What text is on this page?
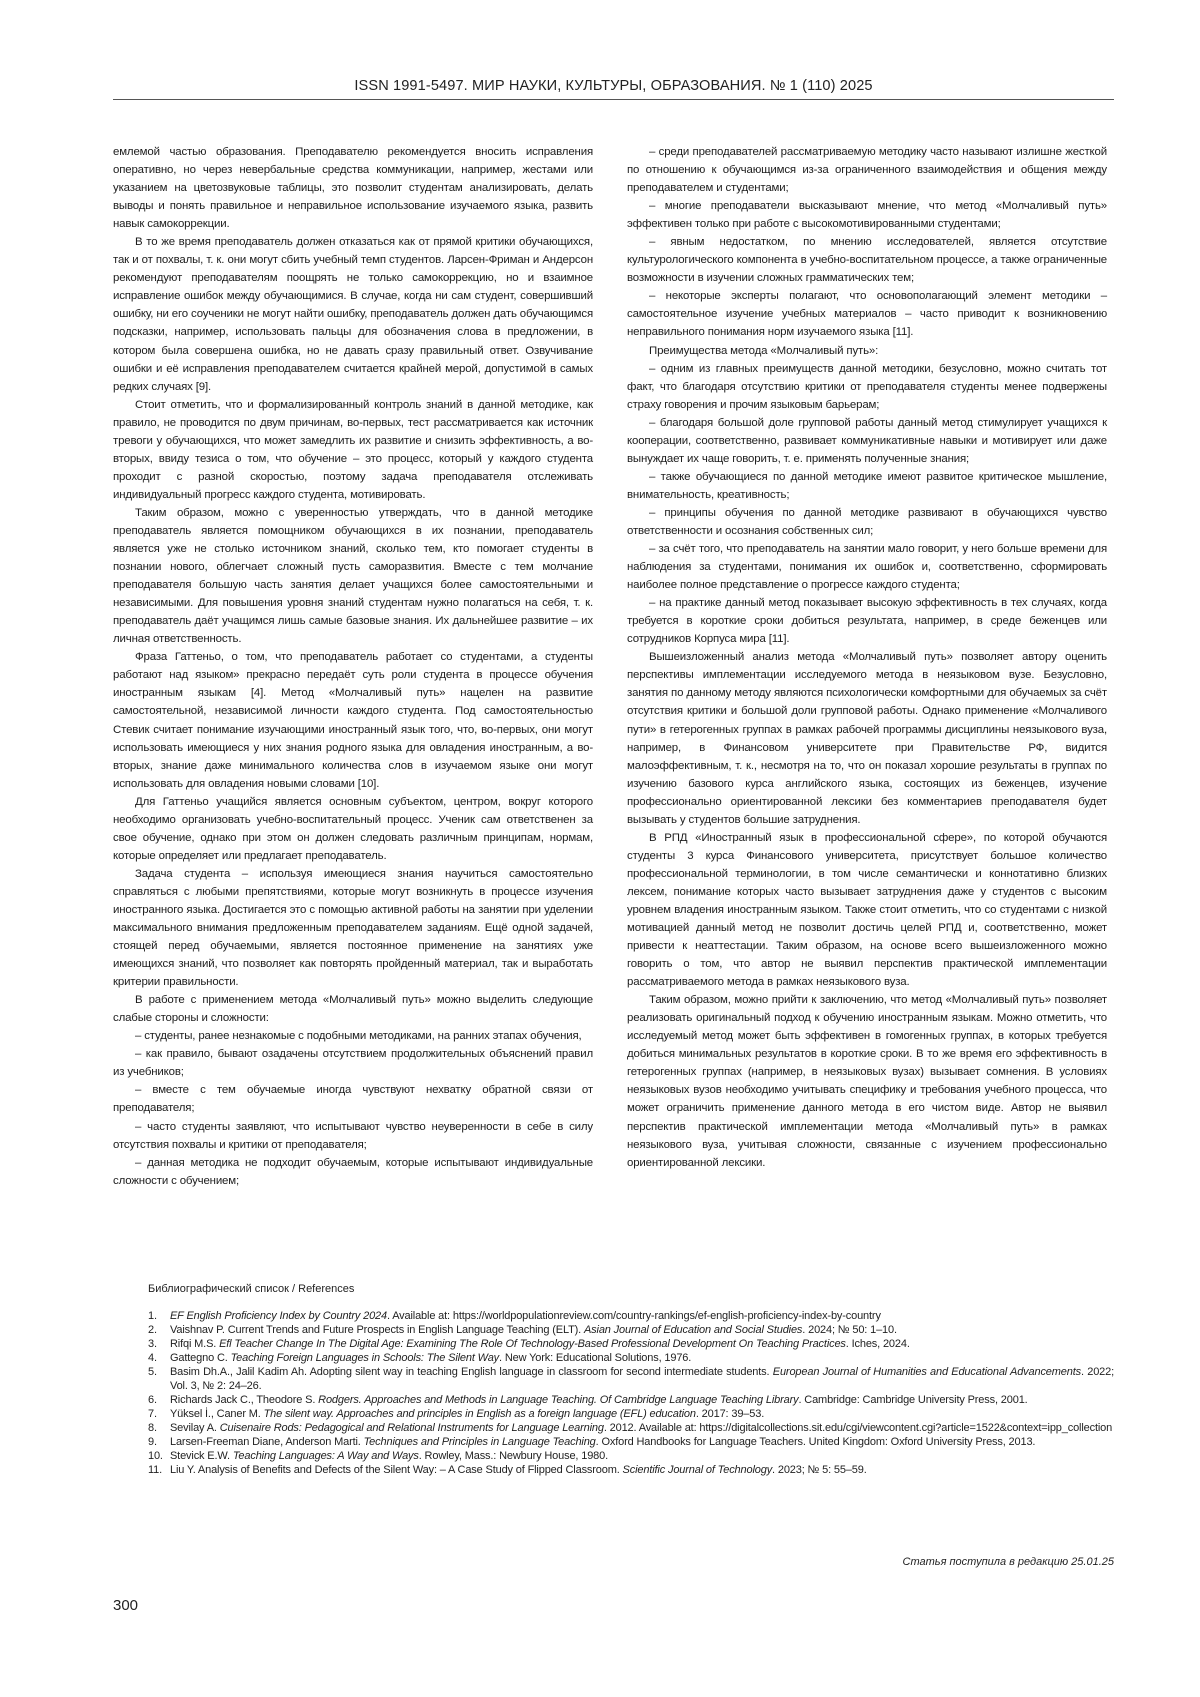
ISSN 1991-5497. МИР НАУКИ, КУЛЬТУРЫ, ОБРАЗОВАНИЯ. № 1 (110) 2025

емлемой частью образования. Преподавателю рекомендуется вносить исправления оперативно, но через невербальные средства коммуникации, например, жестами или указанием на цветозвуковые таблицы, это позволит студентам анализировать, делать выводы и понять правильное и неправильное использование изучаемого языка, развить навык самокоррекции.

В то же время преподаватель должен отказаться как от прямой критики обучающихся, так и от похвалы, т. к. они могут сбить учебный темп студентов. Ларсен-Фриман и Андерсон рекомендуют преподавателям поощрять не только самокоррекцию, но и взаимное исправление ошибок между обучающимися. В случае, когда ни сам студент, совершивший ошибку, ни его соученики не могут найти ошибку, преподаватель должен дать обучающимся подсказки, например, использовать пальцы для обозначения слова в предложении, в котором была совершена ошибка, но не давать сразу правильный ответ. Озвучивание ошибки и её исправления преподавателем считается крайней мерой, допустимой в самых редких случаях [9].

Стоит отметить, что и формализированный контроль знаний в данной методике, как правило, не проводится по двум причинам, во-первых, тест рассматривается как источник тревоги у обучающихся, что может замедлить их развитие и снизить эффективность, а во-вторых, ввиду тезиса о том, что обучение – это процесс, который у каждого студента проходит с разной скоростью, поэтому задача преподавателя отслеживать индивидуальный прогресс каждого студента, мотивировать.

Таким образом, можно с уверенностью утверждать, что в данной методике преподаватель является помощником обучающихся в их познании, преподаватель является уже не столько источником знаний, сколько тем, кто помогает студенты в познании нового, облегчает сложный пусть саморазвития. Вместе с тем молчание преподавателя большую часть занятия делает учащихся более самостоятельными и независимыми. Для повышения уровня знаний студентам нужно полагаться на себя, т. к. преподаватель даёт учащимся лишь самые базовые знания. Их дальнейшее развитие – их личная ответственность.

Фраза Гаттеньо, о том, что преподаватель работает со студентами, а студенты работают над языком» прекрасно передаёт суть роли студента в процессе обучения иностранным языкам [4]. Метод «Молчаливый путь» нацелен на развитие самостоятельной, независимой личности каждого студента. Под самостоятельностью Стевик считает понимание изучающими иностранный язык того, что, во-первых, они могут использовать имеющиеся у них знания родного языка для овладения иностранным, а во-вторых, знание даже минимального количества слов в изучаемом языке они могут использовать для овладения новыми словами [10].

Для Гаттеньо учащийся является основным субъектом, центром, вокруг которого необходимо организовать учебно-воспитательный процесс. Ученик сам ответственен за свое обучение, однако при этом он должен следовать различным принципам, нормам, которые определяет или предлагает преподаватель.

Задача студента – используя имеющиеся знания научиться самостоятельно справляться с любыми препятствиями, которые могут возникнуть в процессе изучения иностранного языка. Достигается это с помощью активной работы на занятии при уделении максимального внимания предложенным преподавателем заданиям. Ещё одной задачей, стоящей перед обучаемыми, является постоянное применение на занятиях уже имеющихся знаний, что позволяет как повторять пройденный материал, так и выработать критерии правильности.

В работе с применением метода «Молчаливый путь» можно выделить следующие слабые стороны и сложности:

– студенты, ранее незнакомые с подобными методиками, на ранних этапах обучения,

– как правило, бывают озадачены отсутствием продолжительных объяснений правил из учебников;

– вместе с тем обучаемые иногда чувствуют нехватку обратной связи от преподавателя;

– часто студенты заявляют, что испытывают чувство неуверенности в себе в силу отсутствия похвалы и критики от преподавателя;

– данная методика не подходит обучаемым, которые испытывают индивидуальные сложности с обучением;

– среди преподавателей рассматриваемую методику часто называют излишне жесткой по отношению к обучающимся из-за ограниченного взаимодействия и общения между преподавателем и студентами;

– многие преподаватели высказывают мнение, что метод «Молчаливый путь» эффективен только при работе с высокомотивированными студентами;

– явным недостатком, по мнению исследователей, является отсутствие культурологического компонента в учебно-воспитательном процессе, а также ограниченные возможности в изучении сложных грамматических тем;

– некоторые эксперты полагают, что основополагающий элемент методики – самостоятельное изучение учебных материалов – часто приводит к возникновению неправильного понимания норм изучаемого языка [11].

Преимущества метода «Молчаливый путь»:

– одним из главных преимуществ данной методики, безусловно, можно считать тот факт, что благодаря отсутствию критики от преподавателя студенты менее подвержены страху говорения и прочим языковым барьерам;

– благодаря большой доле групповой работы данный метод стимулирует учащихся к кооперации, соответственно, развивает коммуникативные навыки и мотивирует или даже вынуждает их чаще говорить, т. е. применять полученные знания;

– также обучающиеся по данной методике имеют развитое критическое мышление, внимательность, креативность;

– принципы обучения по данной методике развивают в обучающихся чувство ответственности и осознания собственных сил;

– за счёт того, что преподаватель на занятии мало говорит, у него больше времени для наблюдения за студентами, понимания их ошибок и, соответственно, сформировать наиболее полное представление о прогрессе каждого студента;

– на практике данный метод показывает высокую эффективность в тех случаях, когда требуется в короткие сроки добиться результата, например, в среде беженцев или сотрудников Корпуса мира [11].

Вышеизложенный анализ метода «Молчаливый путь» позволяет автору оценить перспективы имплементации исследуемого метода в неязыковом вузе. Безусловно, занятия по данному методу являются психологически комфортными для обучаемых за счёт отсутствия критики и большой доли групповой работы. Однако применение «Молчаливого пути» в гетерогенных группах в рамках рабочей программы дисциплины неязыкового вуза, например, в Финансовом университете при Правительстве РФ, видится малоэффективным, т. к., несмотря на то, что он показал хорошие результаты в группах по изучению базового курса английского языка, состоящих из беженцев, изучение профессионально ориентированной лексики без комментариев преподавателя будет вызывать у студентов большие затруднения.

В РПД «Иностранный язык в профессиональной сфере», по которой обучаются студенты 3 курса Финансового университета, присутствует большое количество профессиональной терминологии, в том числе семантически и коннотативно близких лексем, понимание которых часто вызывает затруднения даже у студентов с высоким уровнем владения иностранным языком. Также стоит отметить, что со студентами с низкой мотивацией данный метод не позволит достичь целей РПД и, соответственно, может привести к неаттестации. Таким образом, на основе всего вышеизложенного можно говорить о том, что автор не выявил перспектив практической имплементации рассматриваемого метода в рамках неязыкового вуза.

Таким образом, можно прийти к заключению, что метод «Молчаливый путь» позволяет реализовать оригинальный подход к обучению иностранным языкам. Можно отметить, что исследуемый метод может быть эффективен в гомогенных группах, в которых требуется добиться минимальных результатов в короткие сроки. В то же время его эффективность в гетерогенных группах (например, в неязыковых вузах) вызывает сомнения. В условиях неязыковых вузов необходимо учитывать специфику и требования учебного процесса, что может ограничить применение данного метода в его чистом виде. Автор не выявил перспектив практической имплементации метода «Молчаливый путь» в рамках неязыкового вуза, учитывая сложности, связанные с изучением профессионально ориентированной лексики.

Библиографический список / References
1. EF English Proficiency Index by Country 2024. Available at: https://worldpopulationreview.com/country-rankings/ef-english-proficiency-index-by-country
2. Vaishnav P. Current Trends and Future Prospects in English Language Teaching (ELT). Asian Journal of Education and Social Studies. 2024; № 50: 1–10.
3. Rifqi M.S. Efl Teacher Change In The Digital Age: Examining The Role Of Technology-Based Professional Development On Teaching Practices. Iches, 2024.
4. Gattegno C. Teaching Foreign Languages in Schools: The Silent Way. New York: Educational Solutions, 1976.
5. Basim Dh.A., Jalil Kadim Ah. Adopting silent way in teaching English language in classroom for second intermediate students. European Journal of Humanities and Educational Advancements. 2022; Vol. 3, № 2: 24–26.
6. Richards Jack C., Theodore S. Rodgers. Approaches and Methods in Language Teaching. Of Cambridge Language Teaching Library. Cambridge: Cambridge University Press, 2001.
7. Yüksel İ., Caner M. The silent way. Approaches and principles in English as a foreign language (EFL) education. 2017: 39–53.
8. Sevilay A. Cuisenaire Rods: Pedagogical and Relational Instruments for Language Learning. 2012. Available at: https://digitalcollections.sit.edu/cgi/viewcontent.cgi?article=1522&context=ipp_collection
9. Larsen-Freeman Diane, Anderson Marti. Techniques and Principles in Language Teaching. Oxford Handbooks for Language Teachers. United Kingdom: Oxford University Press, 2013.
10. Stevick E.W. Teaching Languages: A Way and Ways. Rowley, Mass.: Newbury House, 1980.
11. Liu Y. Analysis of Benefits and Defects of the Silent Way: – A Case Study of Flipped Classroom. Scientific Journal of Technology. 2023; № 5: 55–59.
Статья поступила в редакцию 25.01.25
300
